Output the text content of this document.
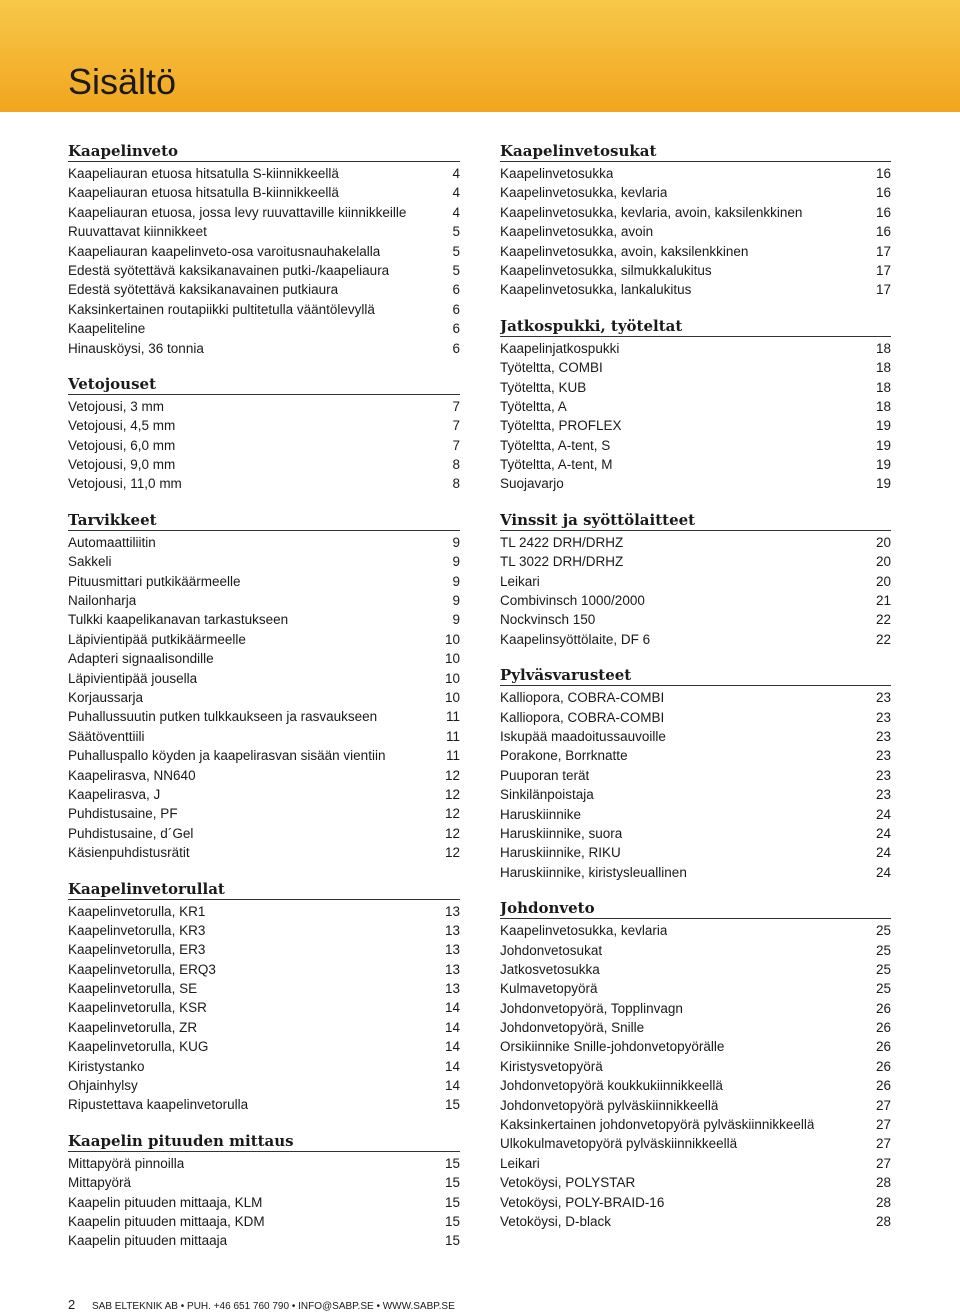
Sisältö
Kaapelinveto
Kaapeliauran etuosa hitsatulla S-kiinnikkeellä	4
Kaapeliauran etuosa hitsatulla B-kiinnikkeellä	4
Kaapeliauran etuosa, jossa levy ruuvattaville kiinnikkeille	4
Ruuvattavat kiinnikkeet	5
Kaapeliauran kaapelinveto-osa varoitusnauhakelalla	5
Edestä syötettävä kaksikanavainen putki-/kaapeliaura	5
Edestä syötettävä kaksikanavainen putkiaura	6
Kaksinkertainen routapiikki pultitetulla vääntölevyllä	6
Kaapeliteline	6
Hinausköysi, 36 tonnia	6
Vetojouset
Vetojousi, 3 mm	7
Vetojousi, 4,5 mm	7
Vetojousi, 6,0 mm	7
Vetojousi, 9,0 mm	8
Vetojousi, 11,0 mm	8
Tarvikkeet
Automaattiliitin	9
Sakkeli	9
Pituusmittari putkikäärmeelle	9
Nailonharja	9
Tulkki kaapelikanavan tarkastukseen	9
Läpivientipää putkikäärmeelle	10
Adapteri signaalisondille	10
Läpivientipää jousella	10
Korjaussarja	10
Puhallussuutin putken tulkkaukseen ja rasvaukseen	11
Säätöventtiili	11
Puhalluspallo köyden ja kaapelirasvan sisään vientiin	11
Kaapelirasva, NN640	12
Kaapelirasva, J	12
Puhdistusaine, PF	12
Puhdistusaine, d´Gel	12
Käsienpuhdistusrätit	12
Kaapelinvetorullat
Kaapelinvetorulla, KR1	13
Kaapelinvetorulla, KR3	13
Kaapelinvetorulla, ER3	13
Kaapelinvetorulla, ERQ3	13
Kaapelinvetorulla, SE	13
Kaapelinvetorulla, KSR	14
Kaapelinvetorulla, ZR	14
Kaapelinvetorulla, KUG	14
Kiristystanko	14
Ohjainhylsy	14
Ripustettava kaapelinvetorulla	15
Kaapelin pituuden mittaus
Mittapyörä pinnoilla	15
Mittapyörä	15
Kaapelin pituuden mittaaja, KLM	15
Kaapelin pituuden mittaaja, KDM	15
Kaapelin pituuden mittaaja	15
Kaapelinvetosukat
Kaapelinvetosukka	16
Kaapelinvetosukka, kevlaria	16
Kaapelinvetosukka, kevlaria, avoin, kaksilenkkinen	16
Kaapelinvetosukka, avoin	16
Kaapelinvetosukka, avoin, kaksilenkkinen	17
Kaapelinvetosukka, silmukkalukitus	17
Kaapelinvetosukka, lankalukitus	17
Jatkospukki, työteltat
Kaapelinjatkospukki	18
Työteltta, COMBI	18
Työteltta, KUB	18
Työteltta, A	18
Työteltta, PROFLEX	19
Työteltta, A-tent, S	19
Työteltta, A-tent, M	19
Suojavarjo	19
Vinssit ja syöttölaitteet
TL 2422 DRH/DRHZ	20
TL 3022 DRH/DRHZ	20
Leikari	20
Combivinsch 1000/2000	21
Nockvinsch 150	22
Kaapelinsyöttölaite, DF 6	22
Pylväsvarusteet
Kalliopora, COBRA-COMBI	23
Kalliopora, COBRA-COMBI	23
Iskupää maadoitussauvoille	23
Porakone, Borrknatte	23
Puuporan terät	23
Sinkilänpoistaja	23
Haruskiinnike	24
Haruskiinnike, suora	24
Haruskiinnike, RIKU	24
Haruskiinnike, kiristysleuallinen	24
Johdonveto
Kaapelinvetosukka, kevlaria	25
Johdonvetosukat	25
Jatkosvetosukka	25
Kulmavetopyörä	25
Johdonvetopyörä, Topplinvagn	26
Johdonvetopyörä, Snille	26
Orsikiinnike Snille-johdonvetopyörälle	26
Kiristysvetopyörä	26
Johdonvetopyörä koukkukiinnikkeellä	26
Johdonvetopyörä pylväskiinnikkeellä	27
Kaksinkertainen johdonvetopyörä pylväskiinnikkeellä	27
Ulkokulmavetopyörä pylväskiinnikkeellä	27
Leikari	27
Vetoköysi, POLYSTAR	28
Vetoköysi, POLY-BRAID-16	28
Vetoköysi, D-black	28
2 SAB ELTEKNIK AB • PUH. +46 651 760 790 • INFO@SABP.SE • WWW.SABP.SE
